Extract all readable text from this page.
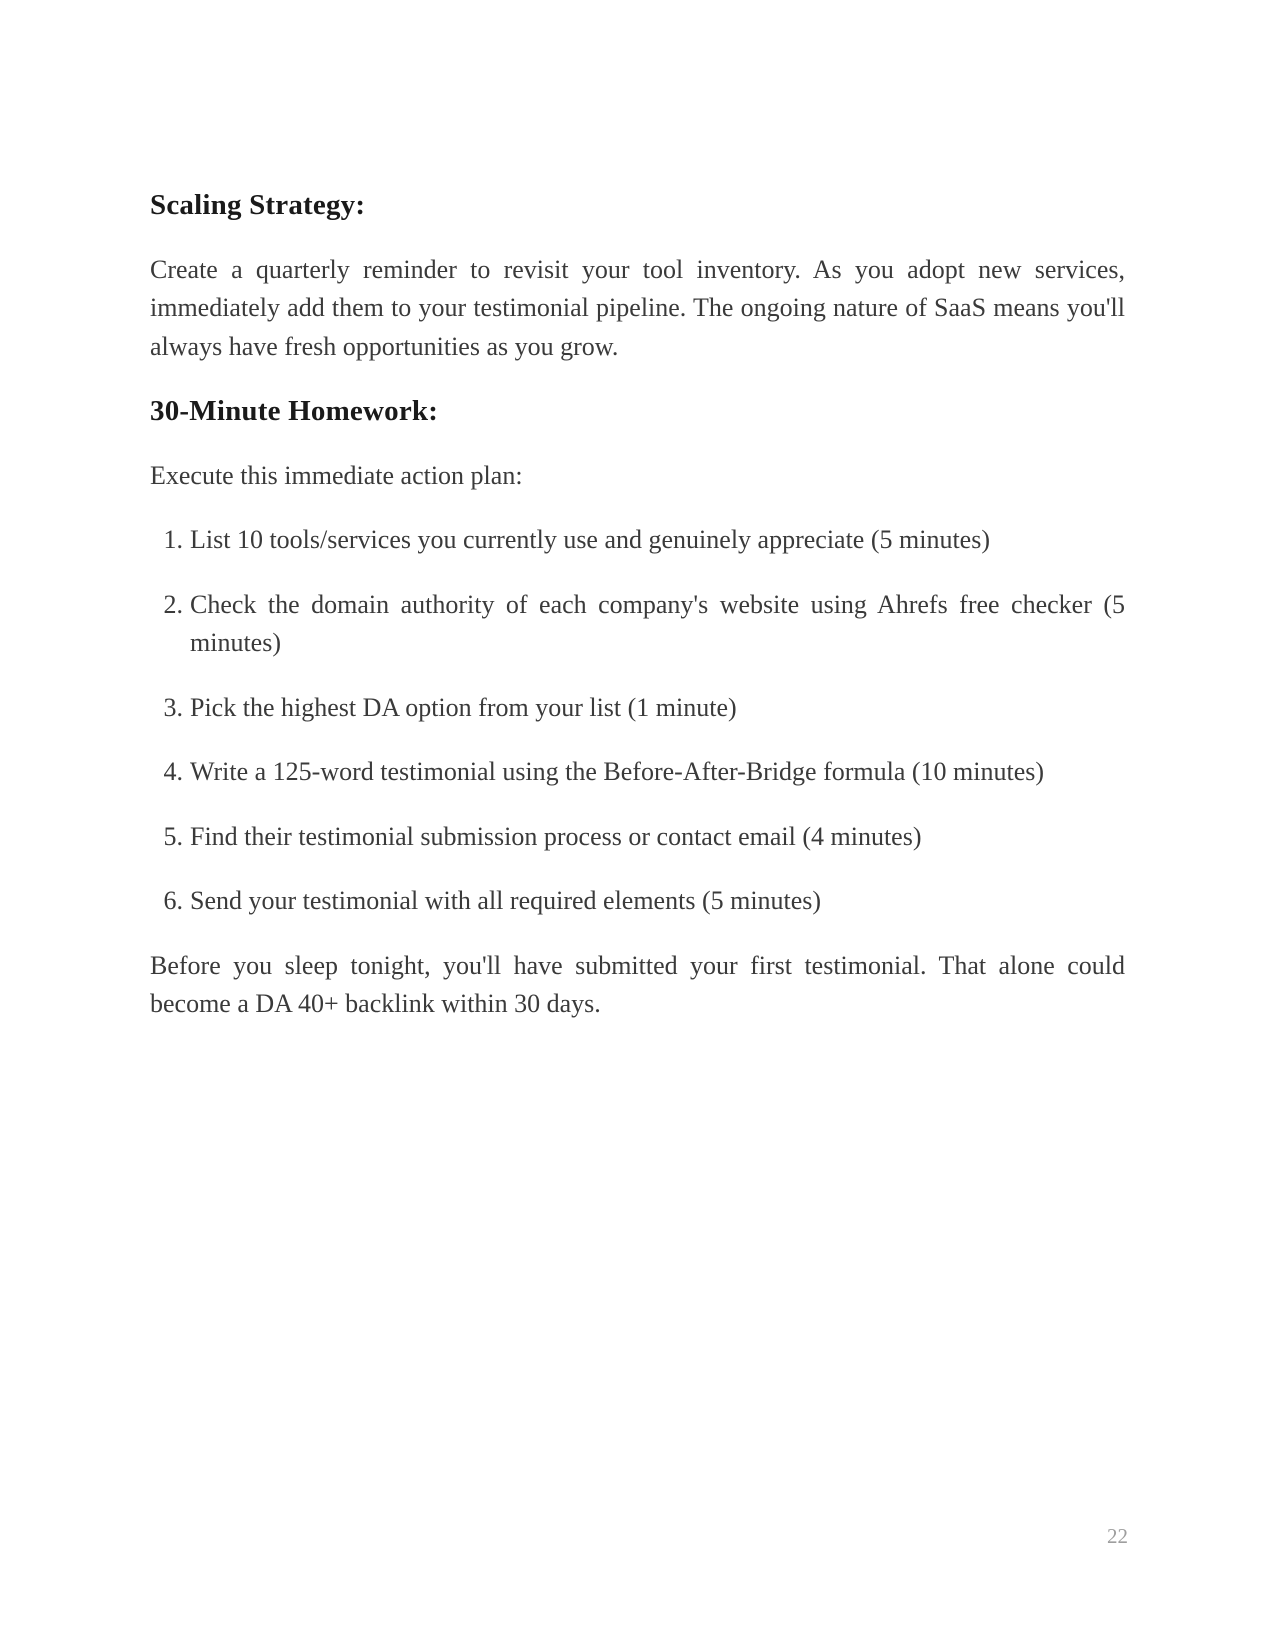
Scaling Strategy:

Create a quarterly reminder to revisit your tool inventory. As you adopt new services, immediately add them to your testimonial pipeline. The ongoing nature of SaaS means you'll always have fresh opportunities as you grow.

30-Minute Homework:

Execute this immediate action plan:

1. List 10 tools/services you currently use and genuinely appreciate (5 minutes)
2. Check the domain authority of each company's website using Ahrefs free checker (5 minutes)
3. Pick the highest DA option from your list (1 minute)
4. Write a 125-word testimonial using the Before-After-Bridge formula (10 minutes)
5. Find their testimonial submission process or contact email (4 minutes)
6. Send your testimonial with all required elements (5 minutes)

Before you sleep tonight, you'll have submitted your first testimonial. That alone could become a DA 40+ backlink within 30 days.

22
